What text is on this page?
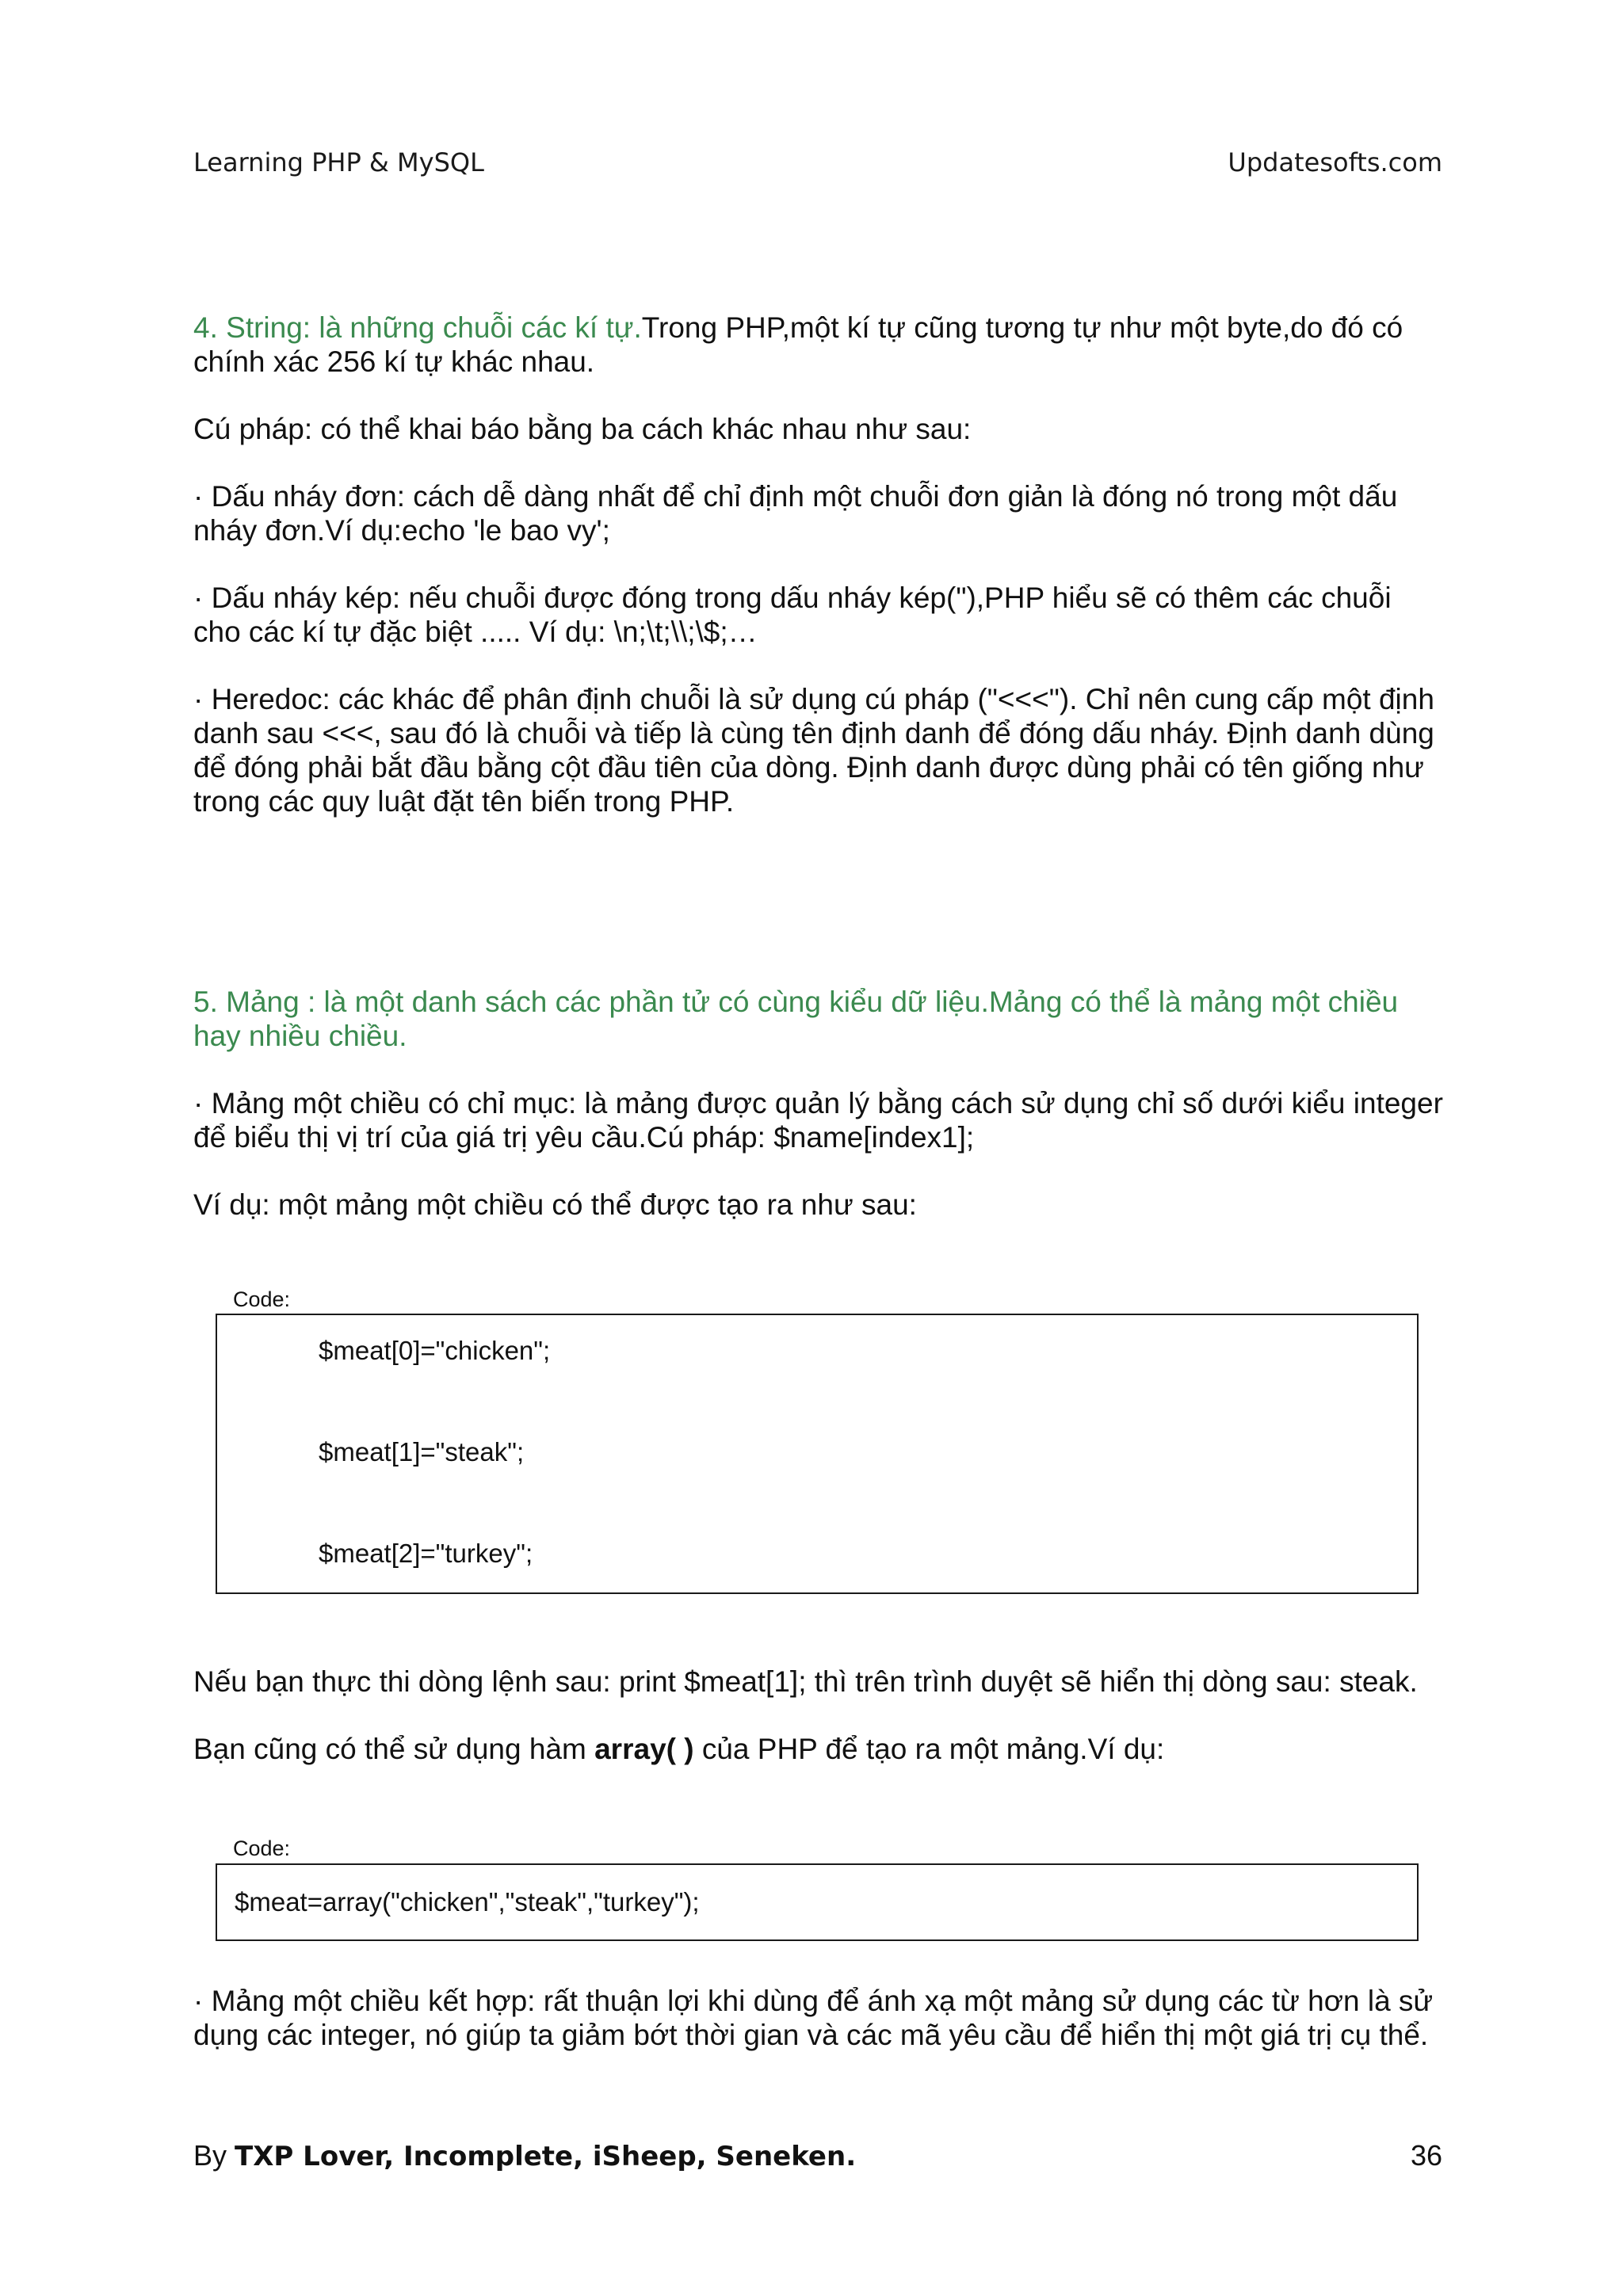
Learning PHP & MySQL	Updatesofts.com

4. String: là những chuỗi các kí tự.Trong PHP,một kí tự cũng tương tự như một byte,do đó có chính xác 256 kí tự khác nhau.

Cú pháp: có thể khai báo bằng ba cách khác nhau như sau:

· Dấu nháy đơn: cách dễ dàng nhất để chỉ định một chuỗi đơn giản là đóng nó trong một dấu nháy đơn.Ví dụ:echo 'le bao vy';

· Dấu nháy kép: nếu chuỗi được đóng trong dấu nháy kép("),PHP hiểu sẽ có thêm các chuỗi cho các kí tự đặc biệt ..... Ví dụ: \n;\t;\\;\$;…

· Heredoc: các khác để phân định chuỗi là sử dụng cú pháp ("<<<"). Chỉ nên cung cấp một định danh sau <<<, sau đó là chuỗi và tiếp là cùng tên định danh để đóng dấu nháy. Định danh dùng để đóng phải bắt đầu bằng cột đầu tiên của dòng. Định danh được dùng phải có tên giống như trong các quy luật đặt tên biến trong PHP.

5. Mảng : là một danh sách các phần tử có cùng kiểu dữ liệu.Mảng có thể là mảng một chiều hay nhiều chiều.

· Mảng một chiều có chỉ mục: là mảng được quản lý bằng cách sử dụng chỉ số dưới kiểu integer để biểu thị vị trí của giá trị yêu cầu.Cú pháp: $name[index1];

Ví dụ: một mảng một chiều có thể được tạo ra như sau:

Code:
$meat[0]="chicken";
$meat[1]="steak";
$meat[2]="turkey";

Nếu bạn thực thi dòng lệnh sau: print $meat[1]; thì trên trình duyệt sẽ hiển thị dòng sau: steak.

Bạn cũng có thể sử dụng hàm array( ) của PHP để tạo ra một mảng.Ví dụ:

Code:
$meat=array("chicken","steak","turkey");

· Mảng một chiều kết hợp: rất thuận lợi khi dùng để ánh xạ một mảng sử dụng các từ hơn là sử dụng các integer, nó giúp ta giảm bớt thời gian và các mã yêu cầu để hiển thị một giá trị cụ thể.

By TXP Lover, Incomplete, iSheep, Seneken.	36
